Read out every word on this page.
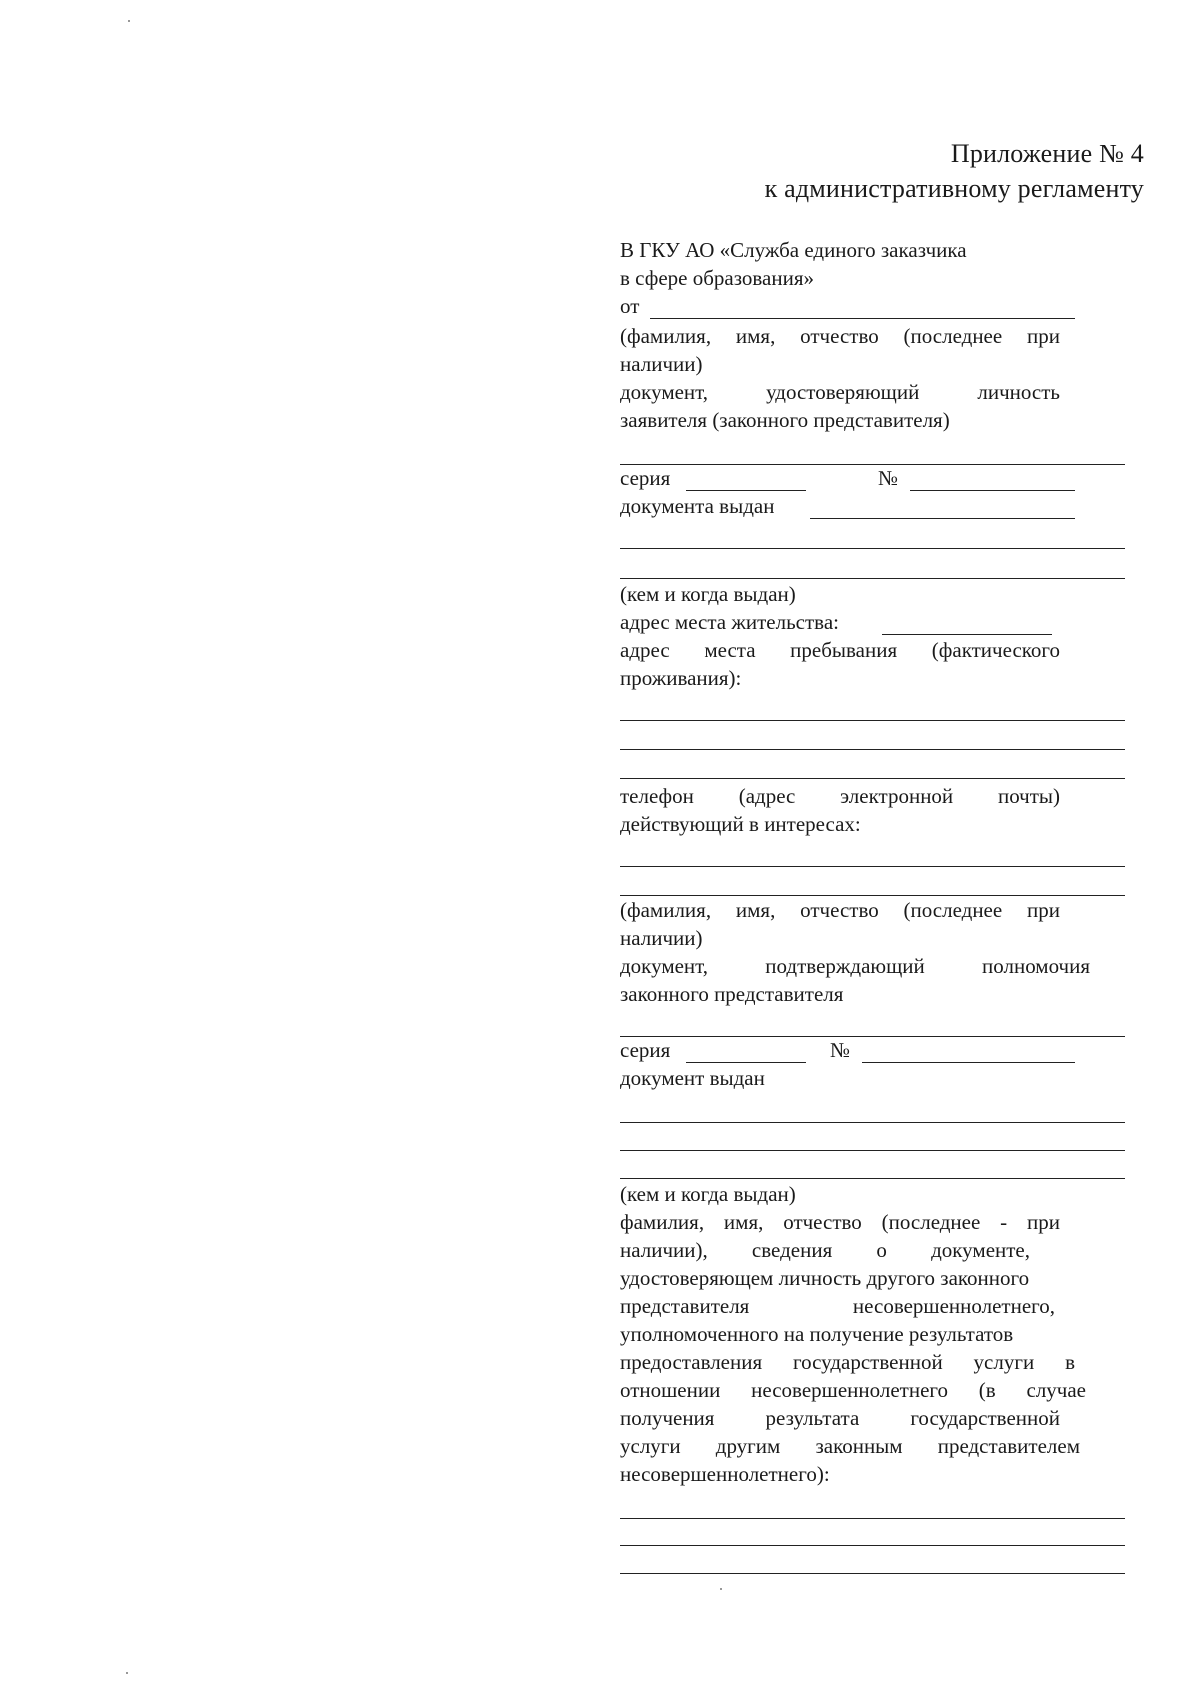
Приложение № 4
к административному регламенту
В ГКУ АО «Служба единого заказчика
в сфере образования»
от
(фамилия, имя, отчество (последнее при
наличии)
документ, удостоверяющий личность
заявителя (законного представителя)
серия	№
документа выдан
(кем и когда выдан)
адрес места жительства:
адрес места пребывания (фактического
проживания):
телефон (адрес электронной почты)
действующий в интересах:
(фамилия, имя, отчество (последнее при
наличии)
документ, подтверждающий полномочия
законного представителя
серия	№
документ выдан
(кем и когда выдан)
фамилия, имя, отчество (последнее - при
наличии), сведения о документе,
удостоверяющем личность другого законного
представителя несовершеннолетнего,
уполномоченного на получение результатов
предоставления государственной услуги в
отношении несовершеннолетнего (в случае
получения результата государственной
услуги другим законным представителем
несовершеннолетнего):
